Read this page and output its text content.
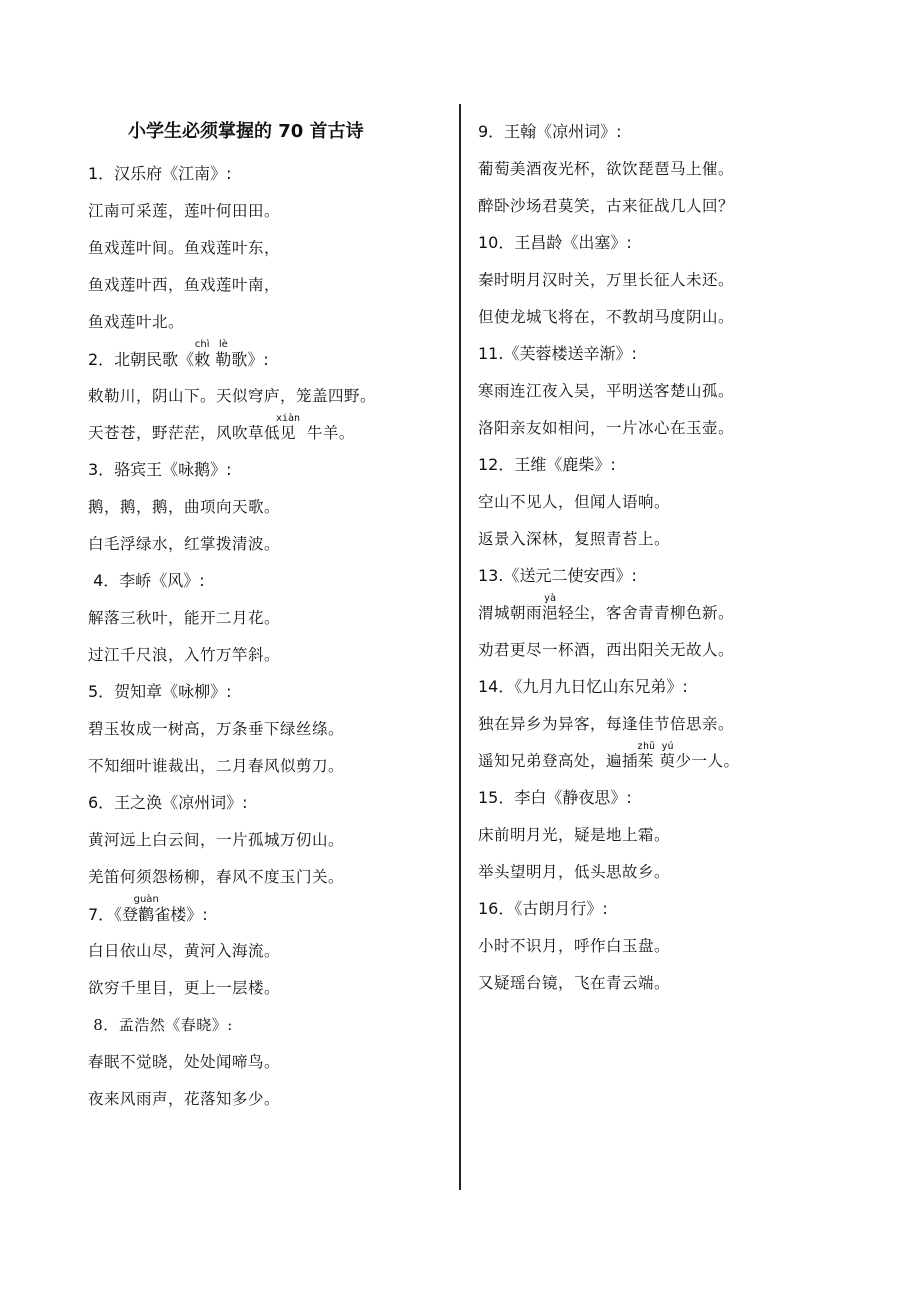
小学生必须掌握的 70 首古诗
1．汉乐府《江南》:
江南可采莲，莲叶何田田。
鱼戏莲叶间。鱼戏莲叶东，
鱼戏莲叶西，鱼戏莲叶南，
鱼戏莲叶北。
2．北朝民歌《敕chì 勒lè歌》:
敕勒川，阴山下。天似穹庐，笼盖四野。
天苍苍，野茫茫，风吹草低见xiàn  牛羊。
3．骆宾王《咏鹅》:
鹅，鹅，鹅，曲项向天歌。
白毛浮绿水，红掌拨清波。
4．李峤《风》:
解落三秋叶，能开二月花。
过江千尺浪，入竹万竿斜。
5．贺知章《咏柳》:
碧玉妆成一树高，万条垂下绿丝绦。
不知细叶谁裁出，二月春风似剪刀。
6．王之涣《凉州词》:
黄河远上白云间，一片孤城万仞山。
羌笛何须怨杨柳，春风不度玉门关。
7．《登鹳guàn雀楼》:
白日依山尽，黄河入海流。
欲穷千里目，更上一层楼。
8．孟浩然《春晓》:
春眠不觉晓，处处闻啼鸟。
夜来风雨声，花落知多少。
9．王翰《凉州词》:
葡萄美酒夜光杯，欲饮琵琶马上催。
醉卧沙场君莫笑，古来征战几人回？
10．王昌龄《出塞》:
秦时明月汉时关，万里长征人未还。
但使龙城飞将在，不教胡马度阴山。
11.《芙蓉楼送辛渐》:
寒雨连江夜入吴，平明送客楚山孤。
洛阳亲友如相问，一片冰心在玉壶。
12．王维《鹿柴》:
空山不见人，但闻人语响。
返景入深林，复照青苔上。
13.《送元二使安西》:
渭城朝雨浥yà轻尘，客舍青青柳色新。
劝君更尽一杯酒，西出阳关无故人。
14．《九月九日忆山东兄弟》:
独在异乡为异客，每逢佳节倍思亲。
遥知兄弟登高处，遍插茱zhū 萸yú少一人。
15．李白《静夜思》:
床前明月光，疑是地上霜。
举头望明月，低头思故乡。
16．《古朗月行》:
小时不识月，呼作白玉盘。
又疑瑶台镜，飞在青云端。
